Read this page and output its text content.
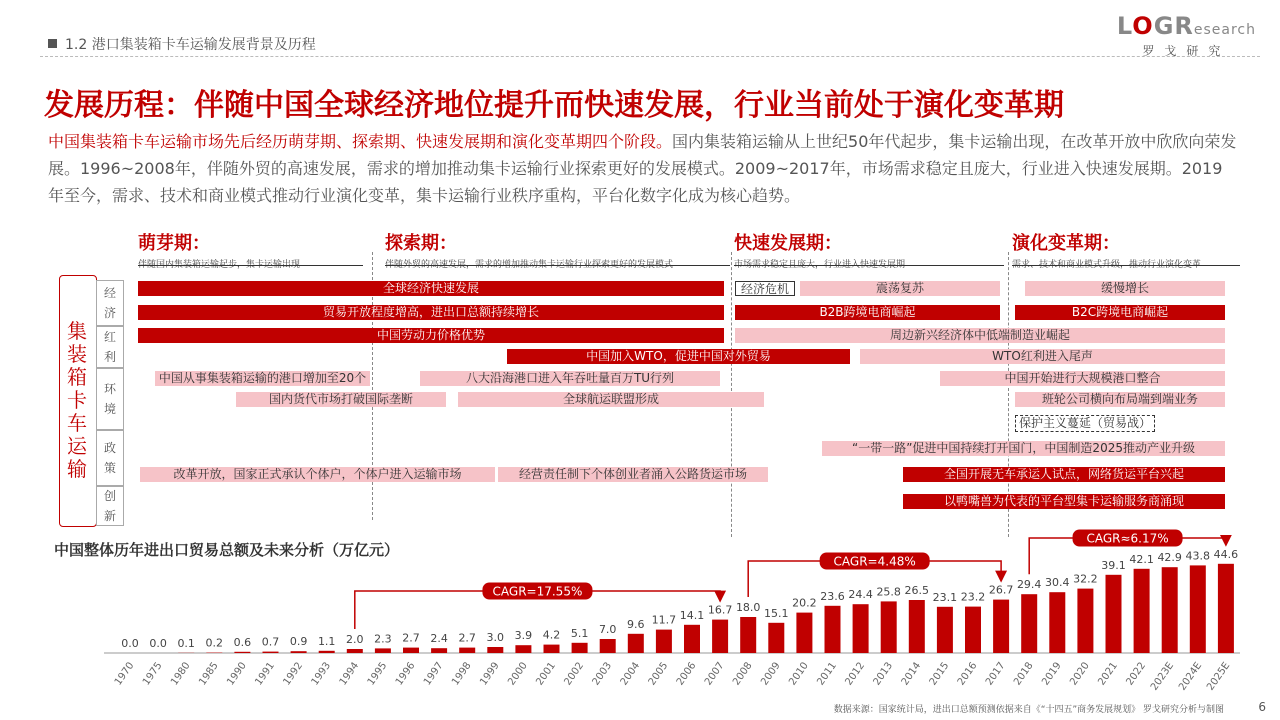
1.2 港口集装箱卡车运输发展背景及历程
LOGResearch
罗戈研究
发展历程：伴随中国全球经济地位提升而快速发展，行业当前处于演化变革期
中国集装箱卡车运输市场先后经历萌芽期、探索期、快速发展期和演化变革期四个阶段。国内集装箱运输从上世纪50年代起步，集卡运输出现，在改革开放中欣欣向荣发展。1996~2008年，伴随外贸的高速发展，需求的增加推动集卡运输行业探索更好的发展模式。2009~2017年，市场需求稳定且庞大，行业进入快速发展期。2019年至今，需求、技术和商业模式推动行业演化变革，集卡运输行业秩序重构，平台化数字化成为核心趋势。
萌芽期：
伴随国内集装箱运输起步，集卡运输出现
探索期：
伴随外贸的高速发展，需求的增加推动集卡运输行业探索更好的发展模式
快速发展期：
市场需求稳定且庞大，行业进入快速发展期
演化变革期：
需求、技术和商业模式升级，推动行业演化变革
集装箱卡车运输
经
济
红
利
环
境
政
策
创
新
全球经济快速发展	经济危机	震荡复苏	缓慢增长
贸易开放程度增高，进出口总额持续增长	B2B跨境电商崛起	B2C跨境电商崛起
中国劳动力价格优势	周边新兴经济体中低端制造业崛起
中国加入WTO，促进中国对外贸易	WTO红利进入尾声
中国从事集装箱运输的港口增加至20个	八大沿海港口进入年吞吐量百万TU行列	中国开始进行大规模港口整合
国内货代市场打破国际垄断	全球航运联盟形成	班轮公司横向布局端到端业务
保护主义蔓延（贸易战）
“一带一路”促进中国持续打开国门，中国制造2025推动产业升级
改革开放，国家正式承认个体户，个体户进入运输市场	经营责任制下个体创业者涌入公路货运市场	全国开展无车承运人试点，网络货运平台兴起
以鸭嘴兽为代表的平台型集卡运输服务商涌现
中国整体历年进出口贸易总额及未来分析（万亿元）
0.0 0.0 0.1 0.2 0.6 0.7 0.9 1.1 2.0 2.3 2.7 2.4 2.7 3.0 3.9 4.2 5.1 7.0 9.6 11.7 14.1 16.7 18.0 15.1
20.2
23.6 24.4 25.8 26.5
23.1 23.2
26.7 29.4 30.4 32.2
39.1 42.1 42.9 43.8 44.6
1970 1975 1980 1985 1990 1991 1992 1993 1994 1995 1996 1997 1998 1999 2000 2001 2002 2003 2004 2005 2006 2007 2008 2009 2010 2011 2012 2013 2014 2015 2016 2017 2018 2019 2020 2021 2022 2023E 2024E 2025E
CAGR=17.55%
CAGR=4.48%
CAGR≈6.17%
数据来源：国家统计局，进出口总额预测依据来自《“十四五”商务发展规划》 罗戈研究分析与制图	6
